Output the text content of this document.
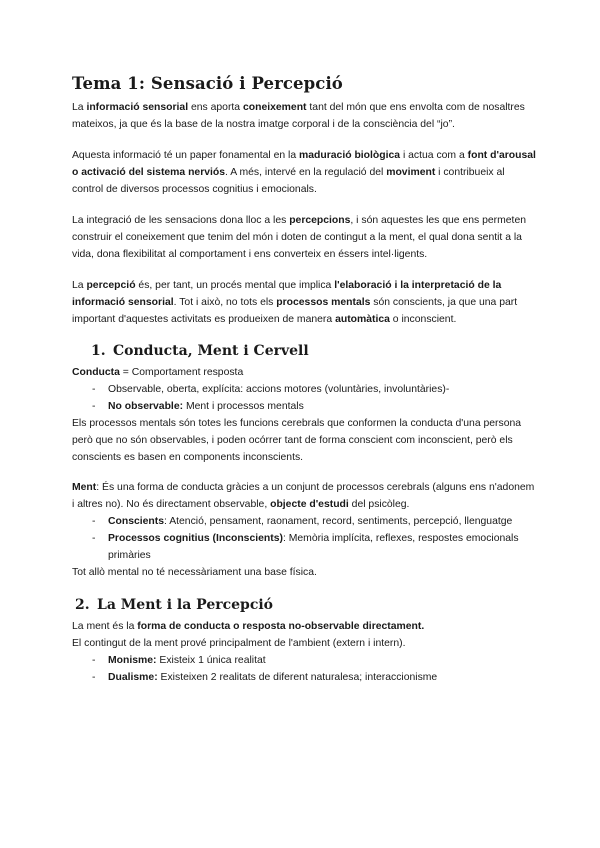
Tema 1: Sensació i Percepció

La informació sensorial ens aporta coneixement tant del món que ens envolta com de nosaltres mateixos, ja que és la base de la nostra imatge corporal i de la consciència del “jo”.

Aquesta informació té un paper fonamental en la maduració biològica i actua com a font d'arousal o activació del sistema nerviós. A més, intervé en la regulació del moviment i contribueix al control de diversos processos cognitius i emocionals.

La integració de les sensacions dona lloc a les percepcions, i són aquestes les que ens permeten construir el coneixement que tenim del món i doten de contingut a la ment, el qual dona sentit a la vida, dona flexibilitat al comportament i ens converteix en éssers intel·ligents.

La percepció és, per tant, un procés mental que implica l'elaboració i la interpretació de la informació sensorial. Tot i això, no tots els processos mentals són conscients, ja que una part important d'aquestes activitats es produeixen de manera automàtica o inconscient.

1. Conducta, Ment i Cervell

Conducta = Comportament resposta

- Observable, oberta, explícita: accions motores (voluntàries, involuntàries)-
- No observable: Ment i processos mentals

Els processos mentals són totes les funcions cerebrals que conformen la conducta d'una persona però que no són observables, i poden ocórrer tant de forma conscient com inconscient, però els conscients es basen en components inconscients.

Ment: És una forma de conducta gràcies a un conjunt de processos cerebrals (alguns ens n'adonem i altres no). No és directament observable, objecte d'estudi del psicòleg.

- Conscients: Atenció, pensament, raonament, record, sentiments, percepció, llenguatge
- Processos cognitius (Inconscients): Memòria implícita, reflexes, respostes emocionals primàries

Tot allò mental no té necessàriament una base física.

2. La Ment i la Percepció

La ment és la forma de conducta o resposta no-observable directament.

El contingut de la ment prové principalment de l'ambient (extern i intern).

- Monisme: Existeix 1 única realitat
- Dualisme: Existeixen 2 realitats de diferent naturalesa; interaccionisme
